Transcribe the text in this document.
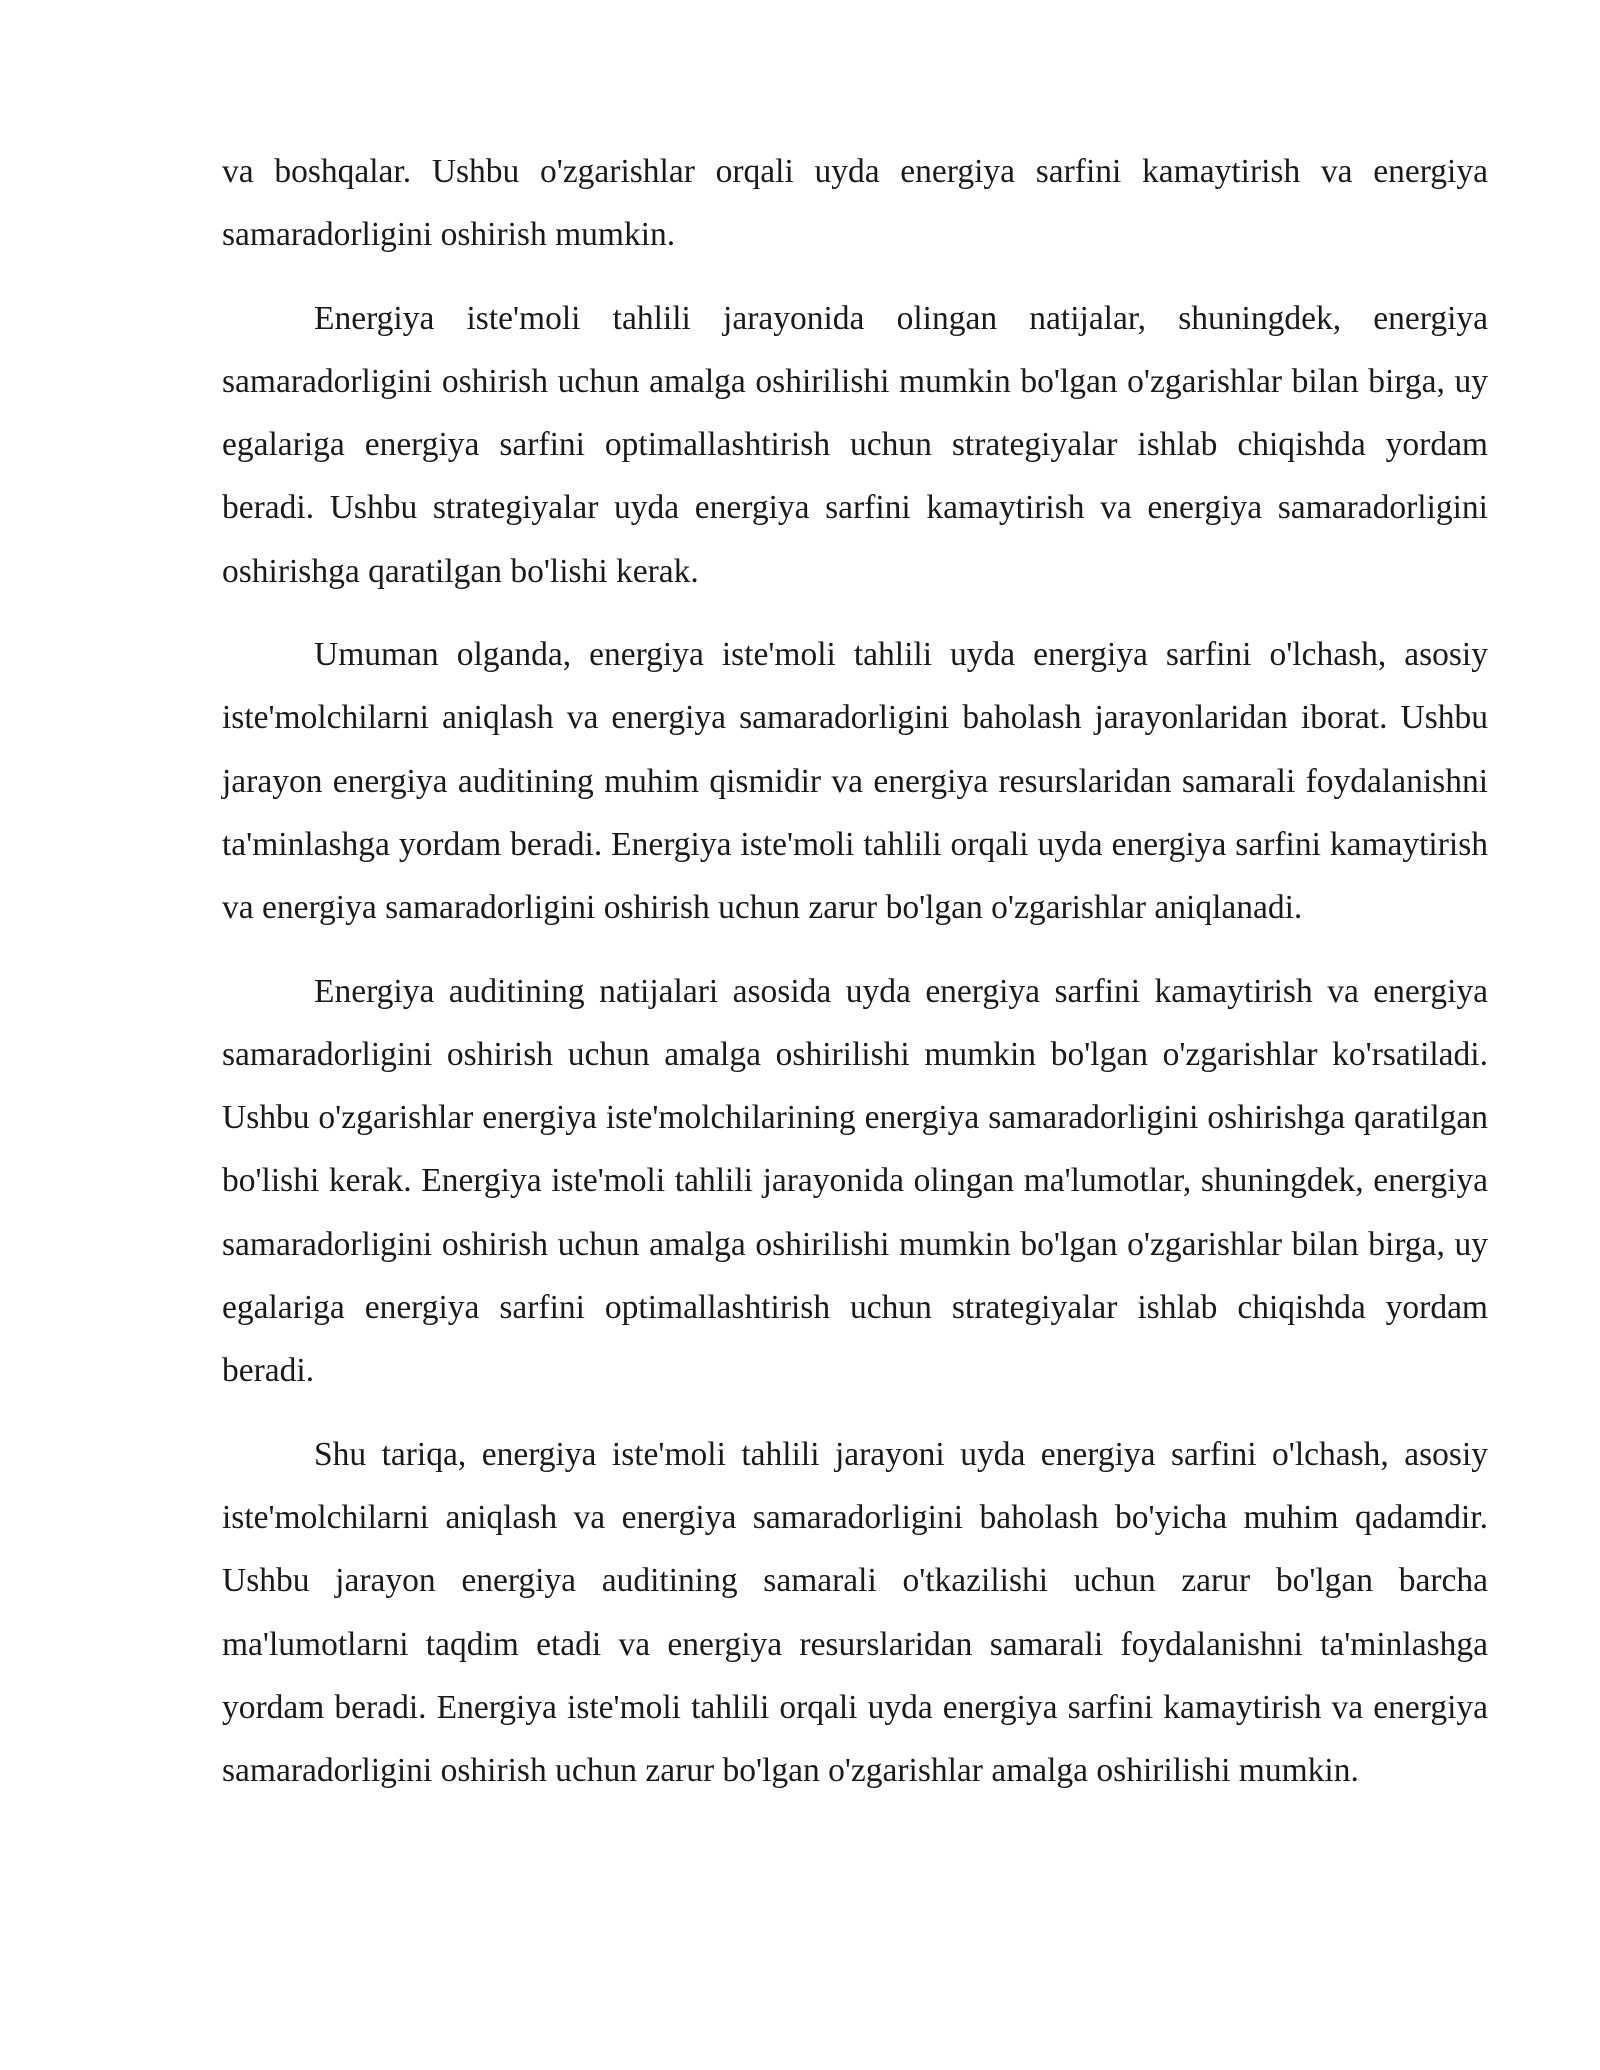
va boshqalar. Ushbu o'zgarishlar orqali uyda energiya sarfini kamaytirish va energiya samaradorligini oshirish mumkin.

Energiya iste'moli tahlili jarayonida olingan natijalar, shuningdek, energiya samaradorligini oshirish uchun amalga oshirilishi mumkin bo'lgan o'zgarishlar bilan birga, uy egalariga energiya sarfini optimallashtirish uchun strategiyalar ishlab chiqishda yordam beradi. Ushbu strategiyalar uyda energiya sarfini kamaytirish va energiya samaradorligini oshirishga qaratilgan bo'lishi kerak.

Umuman olganda, energiya iste'moli tahlili uyda energiya sarfini o'lchash, asosiy iste'molchilarni aniqlash va energiya samaradorligini baholash jarayonlaridan iborat. Ushbu jarayon energiya auditining muhim qismidir va energiya resurslaridan samarali foydalanishni ta'minlashga yordam beradi. Energiya iste'moli tahlili orqali uyda energiya sarfini kamaytirish va energiya samaradorligini oshirish uchun zarur bo'lgan o'zgarishlar aniqlanadi.

Energiya auditining natijalari asosida uyda energiya sarfini kamaytirish va energiya samaradorligini oshirish uchun amalga oshirilishi mumkin bo'lgan o'zgarishlar ko'rsatiladi. Ushbu o'zgarishlar energiya iste'molchilarining energiya samaradorligini oshirishga qaratilgan bo'lishi kerak. Energiya iste'moli tahlili jarayonida olingan ma'lumotlar, shuningdek, energiya samaradorligini oshirish uchun amalga oshirilishi mumkin bo'lgan o'zgarishlar bilan birga, uy egalariga energiya sarfini optimallashtirish uchun strategiyalar ishlab chiqishda yordam beradi.

Shu tariqa, energiya iste'moli tahlili jarayoni uyda energiya sarfini o'lchash, asosiy iste'molchilarni aniqlash va energiya samaradorligini baholash bo'yicha muhim qadamdir. Ushbu jarayon energiya auditining samarali o'tkazilishi uchun zarur bo'lgan barcha ma'lumotlarni taqdim etadi va energiya resurslaridan samarali foydalanishni ta'minlashga yordam beradi. Energiya iste'moli tahlili orqali uyda energiya sarfini kamaytirish va energiya samaradorligini oshirish uchun zarur bo'lgan o'zgarishlar amalga oshirilishi mumkin.
